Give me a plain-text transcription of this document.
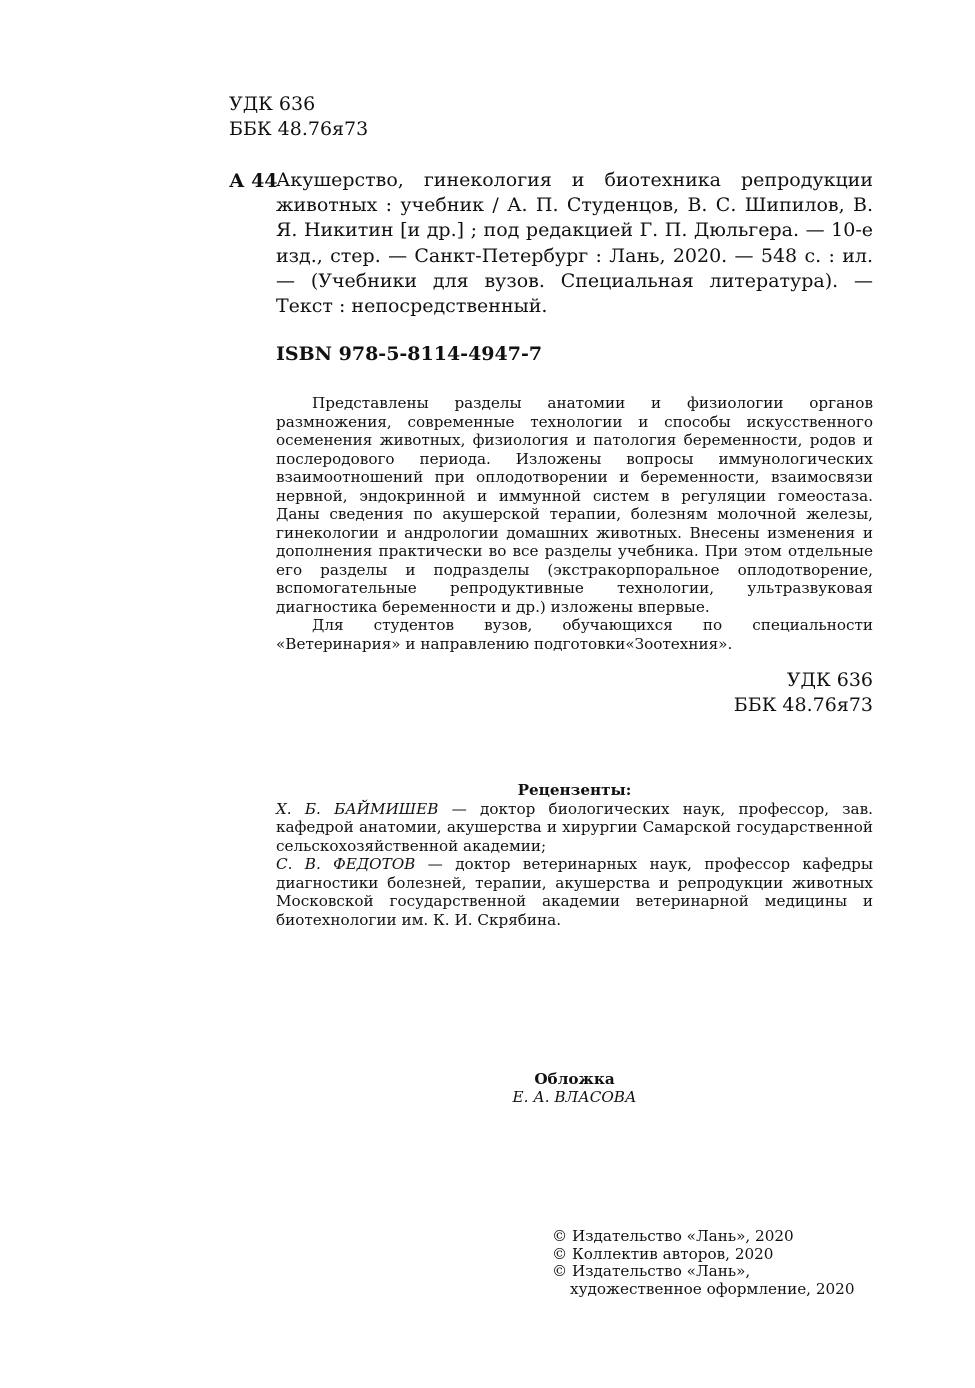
УДК 636
ББК 48.76я73
А 44
Акушерство, гинекология и биотехника репродукции животных : учебник / А. П. Студенцов, В. С. Шипилов, В. Я. Никитин [и др.] ; под редакцией Г. П. Дюльгера. — 10-е изд., стер. — Санкт-Петербург : Лань, 2020. — 548 с. : ил. — (Учебники для вузов. Специальная литература). — Текст : непосредственный.
ISBN 978-5-8114-4947-7

Представлены разделы анатомии и физиологии органов размножения, современные технологии и способы искусственного осеменения животных, физиология и патология беременности, родов и послеродового периода. Изложены вопросы иммунологических взаимоотношений при оплодотворении и беременности, взаимосвязи нервной, эндокринной и иммунной систем в регуляции гомеостаза. Даны сведения по акушерской терапии, болезням молочной железы, гинекологии и андрологии домашних животных. Внесены изменения и дополнения практически во все разделы учебника. При этом отдельные его разделы и подразделы (экстракорпоральное оплодотворение, вспомогательные репродуктивные технологии, ультразвуковая диагностика беременности и др.) изложены впервые.

Для студентов вузов, обучающихся по специальности «Ветеринария» и направлению подготовки«Зоотехния».

УДК 636
ББК 48.76я73
Рецензенты:
Х. Б. БАЙМИШЕВ — доктор биологических наук, профессор, зав. кафедрой анатомии, акушерства и хирургии Самарской государственной сельскохозяйственной академии;
С. В. ФЕДОТОВ — доктор ветеринарных наук, профессор кафедры диагностики болезней, терапии, акушерства и репродукции животных Московской государственной академии ветеринарной медицины и биотехнологии им. К. И. Скрябина.
Обложка
Е. А. ВЛАСОВА
© Издательство «Лань», 2020
© Коллектив авторов, 2020
© Издательство «Лань»,
художественное оформление, 2020
